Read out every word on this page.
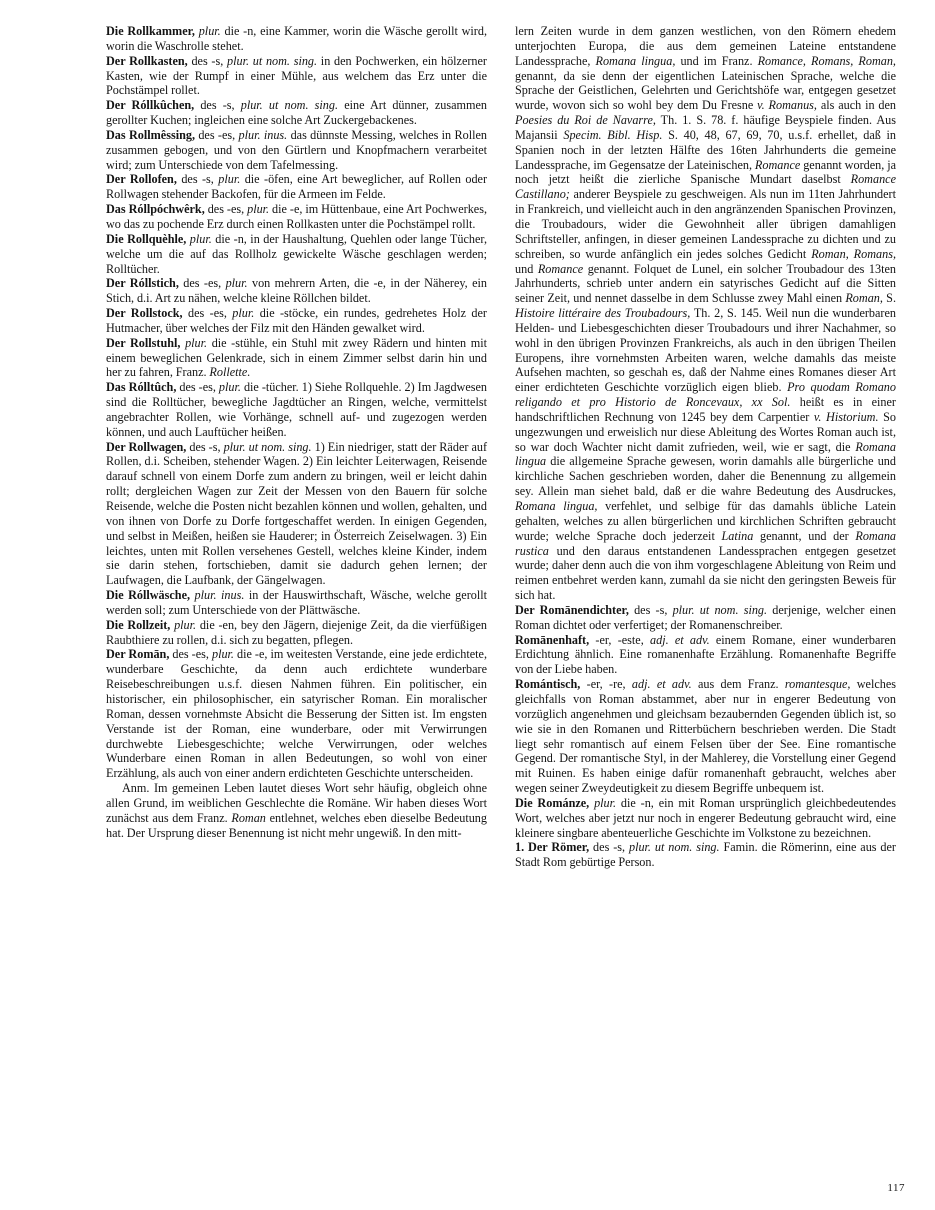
Die Rollkammer, plur. die -n, eine Kammer, worin die Wäsche gerollt wird, worin die Waschrolle stehet.

Der Rollkasten, des -s, plur. ut nom. sing. in den Pochwerken, ein hölzerner Kasten, wie der Rumpf in einer Mühle, aus welchem das Erz unter die Pochstämpel rollet.

Der Róllkûchen, des -s, plur. ut nom. sing. eine Art dünner, zusammen gerollter Kuchen; ingleichen eine solche Art Zuckergebackenes.

Das Rollmêssing, des -es, plur. inus. das dünnste Messing, welches in Rollen zusammen gebogen, und von den Gürtlern und Knopfmachern verarbeitet wird; zum Unterschiede von dem Tafelmessing.

Der Rollofen, des -s, plur. die -öfen, eine Art beweglicher, auf Rollen oder Rollwagen stehender Backofen, für die Armeen im Felde.

Das Róllpóchwêrk, des -es, plur. die -e, im Hüttenbaue, eine Art Pochwerkes, wo das zu pochende Erz durch einen Rollkasten unter die Pochstämpel rollt.

Die Rollquèhle, plur. die -n, in der Haushaltung, Quehlen oder lange Tücher, welche um die auf das Rollholz gewickelte Wäsche geschlagen werden; Rolltücher.

Der Róllstich, des -es, plur. von mehrern Arten, die -e, in der Näherey, ein Stich, d.i. Art zu nähen, welche kleine Röllchen bildet.

Der Rollstock, des -es, plur. die -stöcke, ein rundes, gedrehetes Holz der Hutmacher, über welches der Filz mit den Händen gewalket wird.

Der Rollstuhl, plur. die -stühle, ein Stuhl mit zwey Rädern und hinten mit einem beweglichen Gelenkrade, sich in einem Zimmer selbst darin hin und her zu fahren, Franz. Rollette.

Das Rólltûch, des -es, plur. die -tücher. 1) Siehe Rollquehle. 2) Im Jagdwesen sind die Rolltücher, bewegliche Jagdtücher an Ringen, welche, vermittelst angebrachter Rollen, wie Vorhänge, schnell auf- und zugezogen werden können, und auch Lauftücher heißen.

Der Rollwagen, des -s, plur. ut nom. sing. 1) Ein niedriger, statt der Räder auf Rollen, d.i. Scheiben, stehender Wagen. 2) Ein leichter Leiterwagen, Reisende darauf schnell von einem Dorfe zum andern zu bringen, weil er leicht dahin rollt; dergleichen Wagen zur Zeit der Messen von den Bauern für solche Reisende, welche die Posten nicht bezahlen können und wollen, gehalten, und von ihnen von Dorfe zu Dorfe fortgeschaffet werden. In einigen Gegenden, und selbst in Meißen, heißen sie Hauderer; in Österreich Zeiselwagen. 3) Ein leichtes, unten mit Rollen versehenes Gestell, welches kleine Kinder, indem sie darin stehen, fortschieben, damit sie dadurch gehen lernen; der Laufwagen, die Laufbank, der Gängelwagen.

Die Róllwäsche, plur. inus. in der Hauswirthschaft, Wäsche, welche gerollt werden soll; zum Unterschiede von der Plättwäsche.

Die Rollzeit, plur. die -en, bey den Jägern, diejenige Zeit, da die vierfüßigen Raubthiere zu rollen, d.i. sich zu begatten, pflegen.

Der Romān, des -es, plur. die -e, im weitesten Verstande, eine jede erdichtete, wunderbare Geschichte, da denn auch erdichtete wunderbare Reisebeschreibungen u.s.f. diesen Nahmen führen. Ein politischer, ein historischer, ein philosophischer, ein satyrischer Roman. Ein moralischer Roman, dessen vornehmste Absicht die Besserung der Sitten ist. Im engsten Verstande ist der Roman, eine wunderbare, oder mit Verwirrungen durchwebte Liebesgeschichte; welche Verwirrungen, oder welches Wunderbare einen Roman in allen Bedeutungen, so wohl von einer Erzählung, als auch von einer andern erdichteten Geschichte unterscheiden.

Anm. Im gemeinen Leben lautet dieses Wort sehr häufig, obgleich ohne allen Grund, im weiblichen Geschlechte die Romäne. Wir haben dieses Wort zunächst aus dem Franz. Roman entlehnet, welches eben dieselbe Bedeutung hat. Der Ursprung dieser Benennung ist nicht mehr ungewiß. In den mitt-

lern Zeiten wurde in dem ganzen westlichen, von den Römern ehedem unterjochten Europa, die aus dem gemeinen Lateine entstandene Landessprache, Romana lingua, und im Franz. Romance, Romans, Roman, genannt, da sie denn der eigentlichen Lateinischen Sprache, welche die Sprache der Geistlichen, Gelehrten und Gerichtshöfe war, entgegen gesetzet wurde, wovon sich so wohl bey dem Du Fresne v. Romanus, als auch in den Poesies du Roi de Navarre, Th. 1. S. 78. f. häufige Beyspiele finden. Aus Majansii Specim. Bibl. Hisp. S. 40, 48, 67, 69, 70, u.s.f. erhellet, daß in Spanien noch in der letzten Hälfte des 16ten Jahrhunderts die gemeine Landessprache, im Gegensatze der Lateinischen, Romance genannt worden, ja noch jetzt heißt die zierliche Spanische Mundart daselbst Romance Castillano; anderer Beyspiele zu geschweigen. Als nun im 11ten Jahrhundert in Frankreich, und vielleicht auch in den angränzenden Spanischen Provinzen, die Troubadours, wider die Gewohnheit aller übrigen damahligen Schriftsteller, anfingen, in dieser gemeinen Landessprache zu dichten und zu schreiben, so wurde anfänglich ein jedes solches Gedicht Roman, Romans, und Romance genannt. Folquet de Lunel, ein solcher Troubadour des 13ten Jahrhunderts, schrieb unter andern ein satyrisches Gedicht auf die Sitten seiner Zeit, und nennet dasselbe in dem Schlusse zwey Mahl einen Roman, S. Histoire littéraire des Troubadours, Th. 2, S. 145. Weil nun die wunderbaren Helden- und Liebesgeschichten dieser Troubadours und ihrer Nachahmer, so wohl in den übrigen Provinzen Frankreichs, als auch in den übrigen Theilen Europens, ihre vornehmsten Arbeiten waren, welche damahls das meiste Aufsehen machten, so geschah es, daß der Nahme eines Romanes dieser Art einer erdichteten Geschichte vorzüglich eigen blieb. Pro quodam Romano religando et pro Historio de Roncevaux, xx Sol. heißt es in einer handschriftlichen Rechnung von 1245 bey dem Carpentier v. Historium. So ungezwungen und erweislich nur diese Ableitung des Wortes Roman auch ist, so war doch Wachter nicht damit zufrieden, weil, wie er sagt, die Romana lingua die allgemeine Sprache gewesen, worin damahls alle bürgerliche und kirchliche Sachen geschrieben worden, daher die Benennung zu allgemein sey. Allein man siehet bald, daß er die wahre Bedeutung des Ausdruckes, Romana lingua, verfehlet, und selbige für das damahls übliche Latein gehalten, welches zu allen bürgerlichen und kirchlichen Schriften gebraucht wurde; welche Sprache doch jederzeit Latina genannt, und der Romana rustica und den daraus entstandenen Landessprachen entgegen gesetzet wurde; daher denn auch die von ihm vorgeschlagene Ableitung von Reim und reimen entbehret werden kann, zumahl da sie nicht den geringsten Beweis für sich hat.

Der Romānendichter, des -s, plur. ut nom. sing. derjenige, welcher einen Roman dichtet oder verfertiget; der Romanenschreiber.

Romānenhaft, -er, -este, adj. et adv. einem Romane, einer wunderbaren Erdichtung ähnlich. Eine romanenhafte Erzählung. Romanenhafte Begriffe von der Liebe haben.

Romántisch, -er, -re, adj. et adv. aus dem Franz. romantesque, welches gleichfalls von Roman abstammet, aber nur in engerer Bedeutung von vorzüglich angenehmen und gleichsam bezaubernden Gegenden üblich ist, so wie sie in den Romanen und Ritterbüchern beschrieben werden. Die Stadt liegt sehr romantisch auf einem Felsen über der See. Eine romantische Gegend. Der romantische Styl, in der Mahlerey, die Vorstellung einer Gegend mit Ruinen. Es haben einige dafür romanenhaft gebraucht, welches aber wegen seiner Zweydeutigkeit zu diesem Begriffe unbequem ist.

Die Románze, plur. die -n, ein mit Roman ursprünglich gleichbedeutendes Wort, welches aber jetzt nur noch in engerer Bedeutung gebraucht wird, eine kleinere singbare abenteuerliche Geschichte im Volkstone zu bezeichnen.

1. Der Römer, des -s, plur. ut nom. sing. Famin. die Römerinn, eine aus der Stadt Rom gebürtige Person.

117
